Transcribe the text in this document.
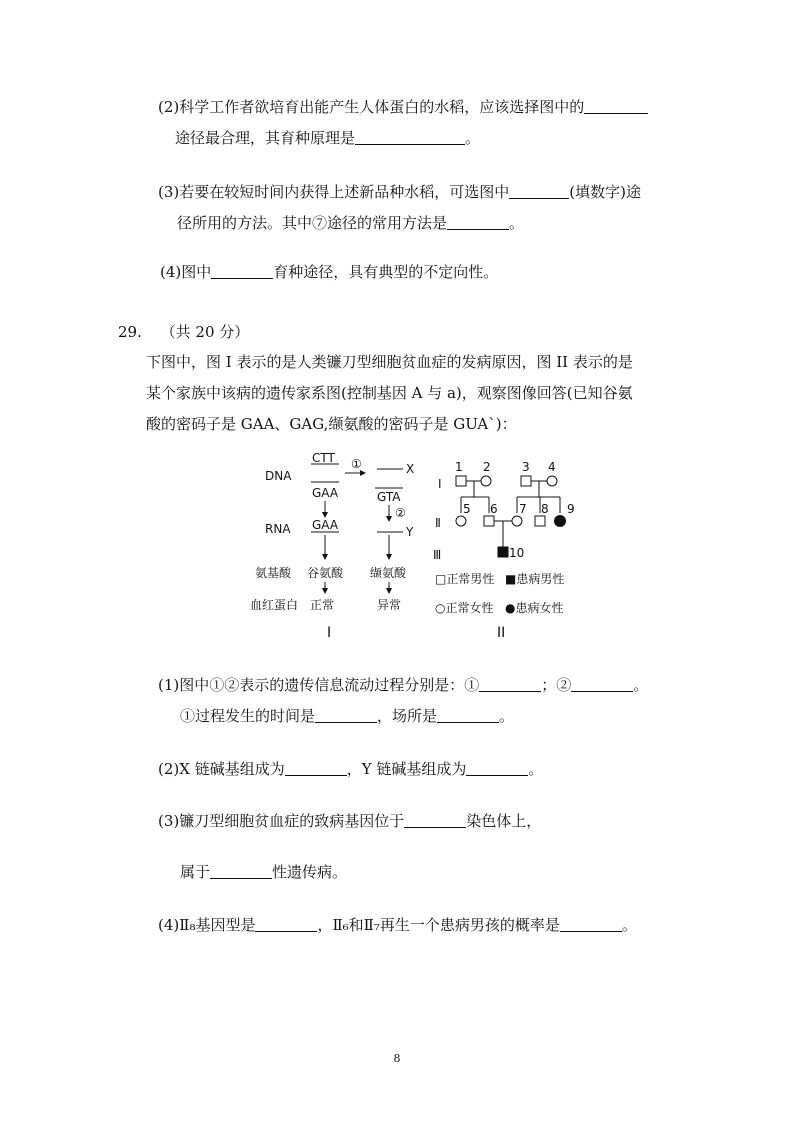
(2)科学工作者欲培育出能产生人体蛋白的水稻，应该选择图中的
途径最合理，其育种原理是	。
(3)若要在较短时间内获得上述新品种水稻，可选图中	(填数字)途
径所用的方法。其中⑦途径的常用方法是	。
(4)图中	育种途径，具有典型的不定向性。
29. （共 20 分）
下图中，图 I 表示的是人类镰刀型细胞贫血症的发病原因，图 II 表示的是
某个家族中该病的遗传家系图(控制基因 A 与 a)，观察图像回答(已知谷氨
酸的密码子是 GAA、GAG,缬氨酸的密码子是 GUA`)：
DNA
RNA
CTT
GAA
①	X
GTA
②
GAA	Y
氨基酸 谷氨酸 缬氨酸
血红蛋白 正常	异常
I
I
Ⅱ
Ⅲ
1 2	3 4
5 6 7 8 9
10
□正常男性 ■患病男性
○正常女性 ●患病女性
II
(1)图中①②表示的遗传信息流动过程分别是：①	；②	。
①过程发生的时间是	，场所是	。
(2)X 链碱基组成为	，Y 链碱基组成为	。
(3)镰刀型细胞贫血症的致病基因位于	染色体上，
属于	性遗传病。
(4)Ⅱ₈基因型是	，Ⅱ₆和Ⅱ₇再生一个患病男孩的概率是	。
8
